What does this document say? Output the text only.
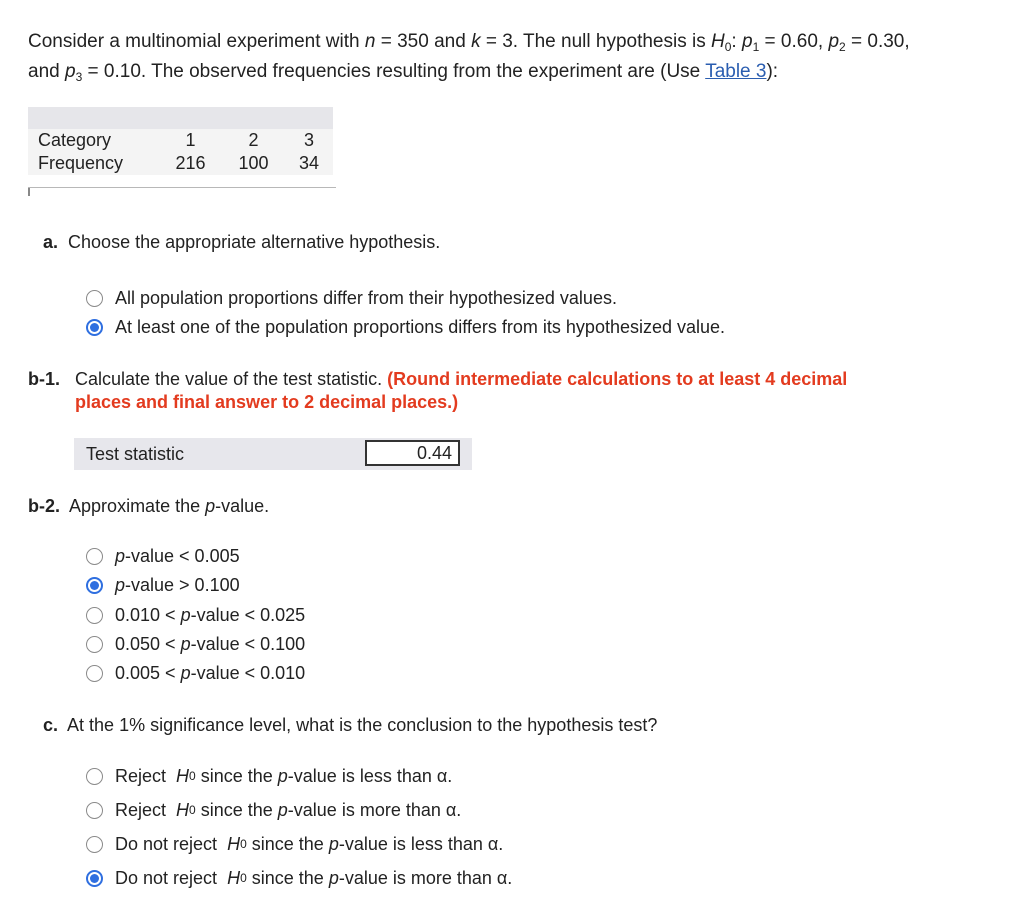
Consider a multinomial experiment with n = 350 and k = 3. The null hypothesis is $H_0$: $p_1 = 0.60$, $p_2 = 0.30$,
and $p_3 = 0.10$. The observed frequencies resulting from the experiment are (Use Table 3):
Category	1	2	3
Frequency	216	100	34
a. Choose the appropriate alternative hypothesis.
All population proportions differ from their hypothesized values.
At least one of the population proportions differs from its hypothesized value.
b-1. Calculate the value of the test statistic. (Round intermediate calculations to at least 4 decimal
places and final answer to 2 decimal places.)
Test statistic	0.44
b-2. Approximate the p-value.
p -value < 0.005
p -value > 0.100
0.010 < p -value < 0.025
0.050 < p -value < 0.100
0.005 < p -value < 0.010
c. At the 1% significance level, what is the conclusion to the hypothesis test?
Reject
H 0 since the p -value is less than α.
Reject
H 0 since the p -value is more than α.
Do not reject
H 0 since the p -value is less than α.
Do not reject
H 0 since the p -value is more than α.
